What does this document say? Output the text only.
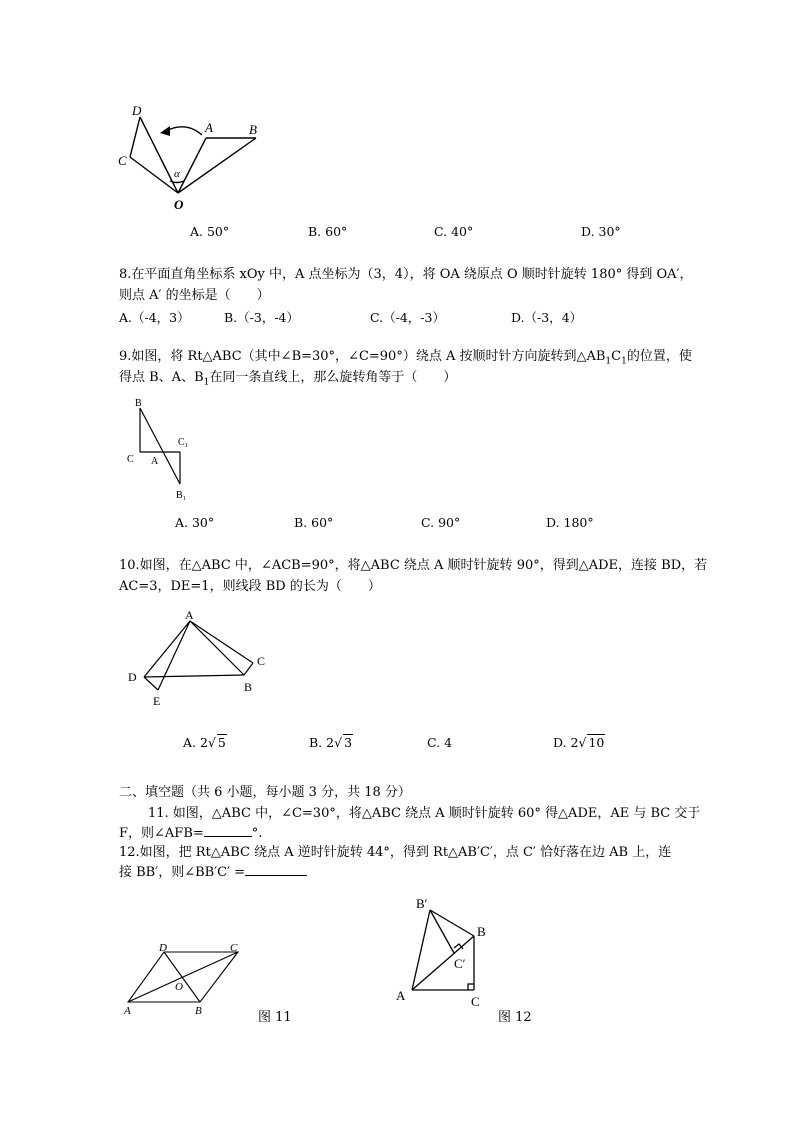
D
C
A	B
O
α
A. 50°	B. 60°	C. 40°	D. 30°
8.在平面直角坐标系 xOy 中，A 点坐标为（3，4），将 OA 绕原点 O 顺时针旋转 180° 得到 OA′，
则点 A′ 的坐标是（　　）
A.（-4，3）	B.（-3，-4）	C.（-4，-3）	D.（-3，4）
9.如图，将 Rt△ABC（其中∠B=30°，∠C=90°）绕点 A 按顺时针方向旋转到$\triangle AB_1C_1$的位置，使
得点 B、A、$B_1$在同一条直线上，那么旋转角等于（　　）
B
C₁
C A
B₁
A. 30°	B. 60°	C. 90°	D. 180°
10.如图，在△ABC 中，∠ACB=90°，将△ABC 绕点 A 顺时针旋转 90°，得到△ADE，连接 BD，若
AC=3，DE=1，则线段 BD 的长为（　　）
A
C
D
B
E
A. 2√ 5	B. 2√ 3	C. 4	D. 2√ 10
二、填空题（共 6 小题，每小题 3 分，共 18 分）
11. 如图，△ABC 中，∠C=30°，将△ABC 绕点 A 顺时针旋转 60° 得△ADE，AE 与 BC 交于
F，则∠AFB=	°.
12.如图，把 Rt△ABC 绕点 A 逆时针旋转 44°，得到 Rt△AB′C′，点 C′ 恰好落在边 AB 上，连
接 BB′，则∠BB′C′ =
D	C
O
A	B	图 11
B′
B
C′
A	C
图 12
